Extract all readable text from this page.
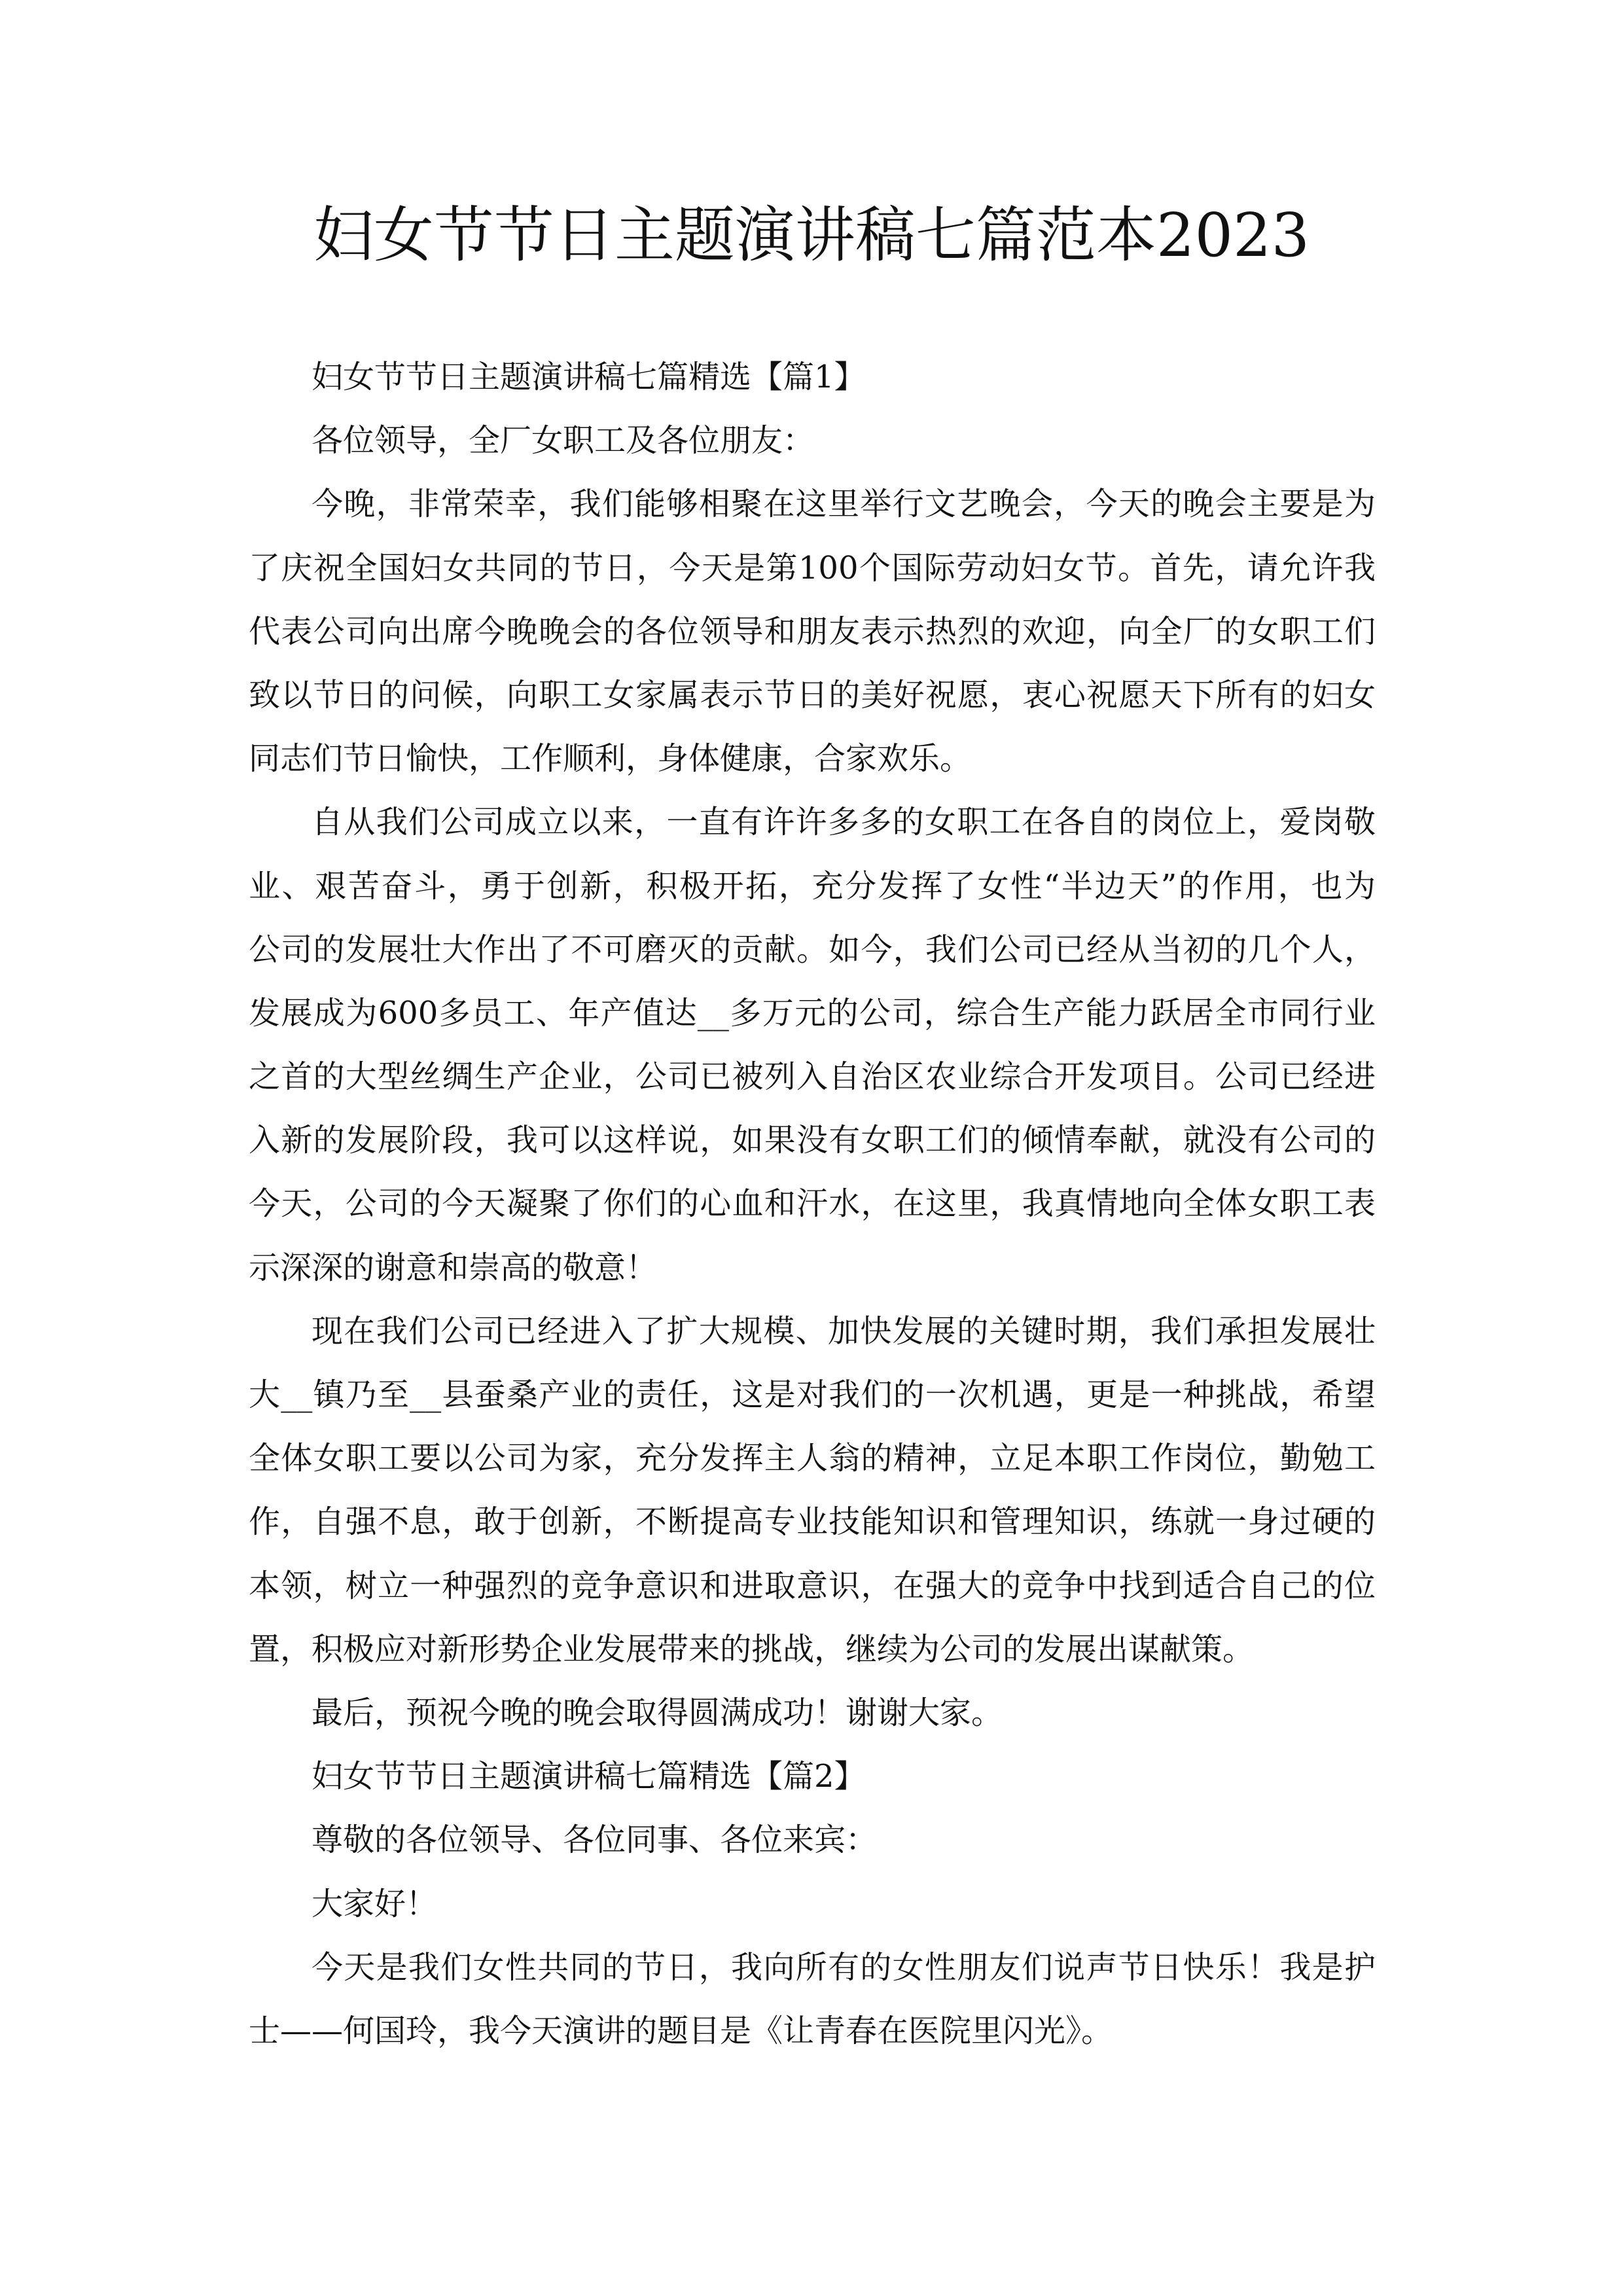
妇女节节日主题演讲稿七篇范本2023
妇女节节日主题演讲稿七篇精选【篇1】
各位领导，全厂女职工及各位朋友：
今晚，非常荣幸，我们能够相聚在这里举行文艺晚会，今天的晚会主要是为
了庆祝全国妇女共同的节日，今天是第100个国际劳动妇女节。首先，请允许我
代表公司向出席今晚晚会的各位领导和朋友表示热烈的欢迎，向全厂的女职工们
致以节日的问候，向职工女家属表示节日的美好祝愿，衷心祝愿天下所有的妇女
同志们节日愉快，工作顺利，身体健康，合家欢乐。
自从我们公司成立以来，一直有许许多多的女职工在各自的岗位上，爱岗敬
业、艰苦奋斗，勇于创新，积极开拓，充分发挥了女性“半边天”的作用，也为
公司的发展壮大作出了不可磨灭的贡献。如今，我们公司已经从当初的几个人，
发展成为600多员工、年产值达__多万元的公司，综合生产能力跃居全市同行业
之首的大型丝绸生产企业，公司已被列入自治区农业综合开发项目。公司已经进
入新的发展阶段，我可以这样说，如果没有女职工们的倾情奉献，就没有公司的
今天，公司的今天凝聚了你们的心血和汗水，在这里，我真情地向全体女职工表
示深深的谢意和崇高的敬意！
现在我们公司已经进入了扩大规模、加快发展的关键时期，我们承担发展壮
大__镇乃至__县蚕桑产业的责任，这是对我们的一次机遇，更是一种挑战，希望
全体女职工要以公司为家，充分发挥主人翁的精神，立足本职工作岗位，勤勉工
作，自强不息，敢于创新，不断提高专业技能知识和管理知识，练就一身过硬的
本领，树立一种强烈的竞争意识和进取意识，在强大的竞争中找到适合自己的位
置，积极应对新形势企业发展带来的挑战，继续为公司的发展出谋献策。
最后，预祝今晚的晚会取得圆满成功！谢谢大家。
妇女节节日主题演讲稿七篇精选【篇2】
尊敬的各位领导、各位同事、各位来宾：
大家好！
今天是我们女性共同的节日，我向所有的女性朋友们说声节日快乐！我是护
士——何国玲，我今天演讲的题目是《让青春在医院里闪光》。
